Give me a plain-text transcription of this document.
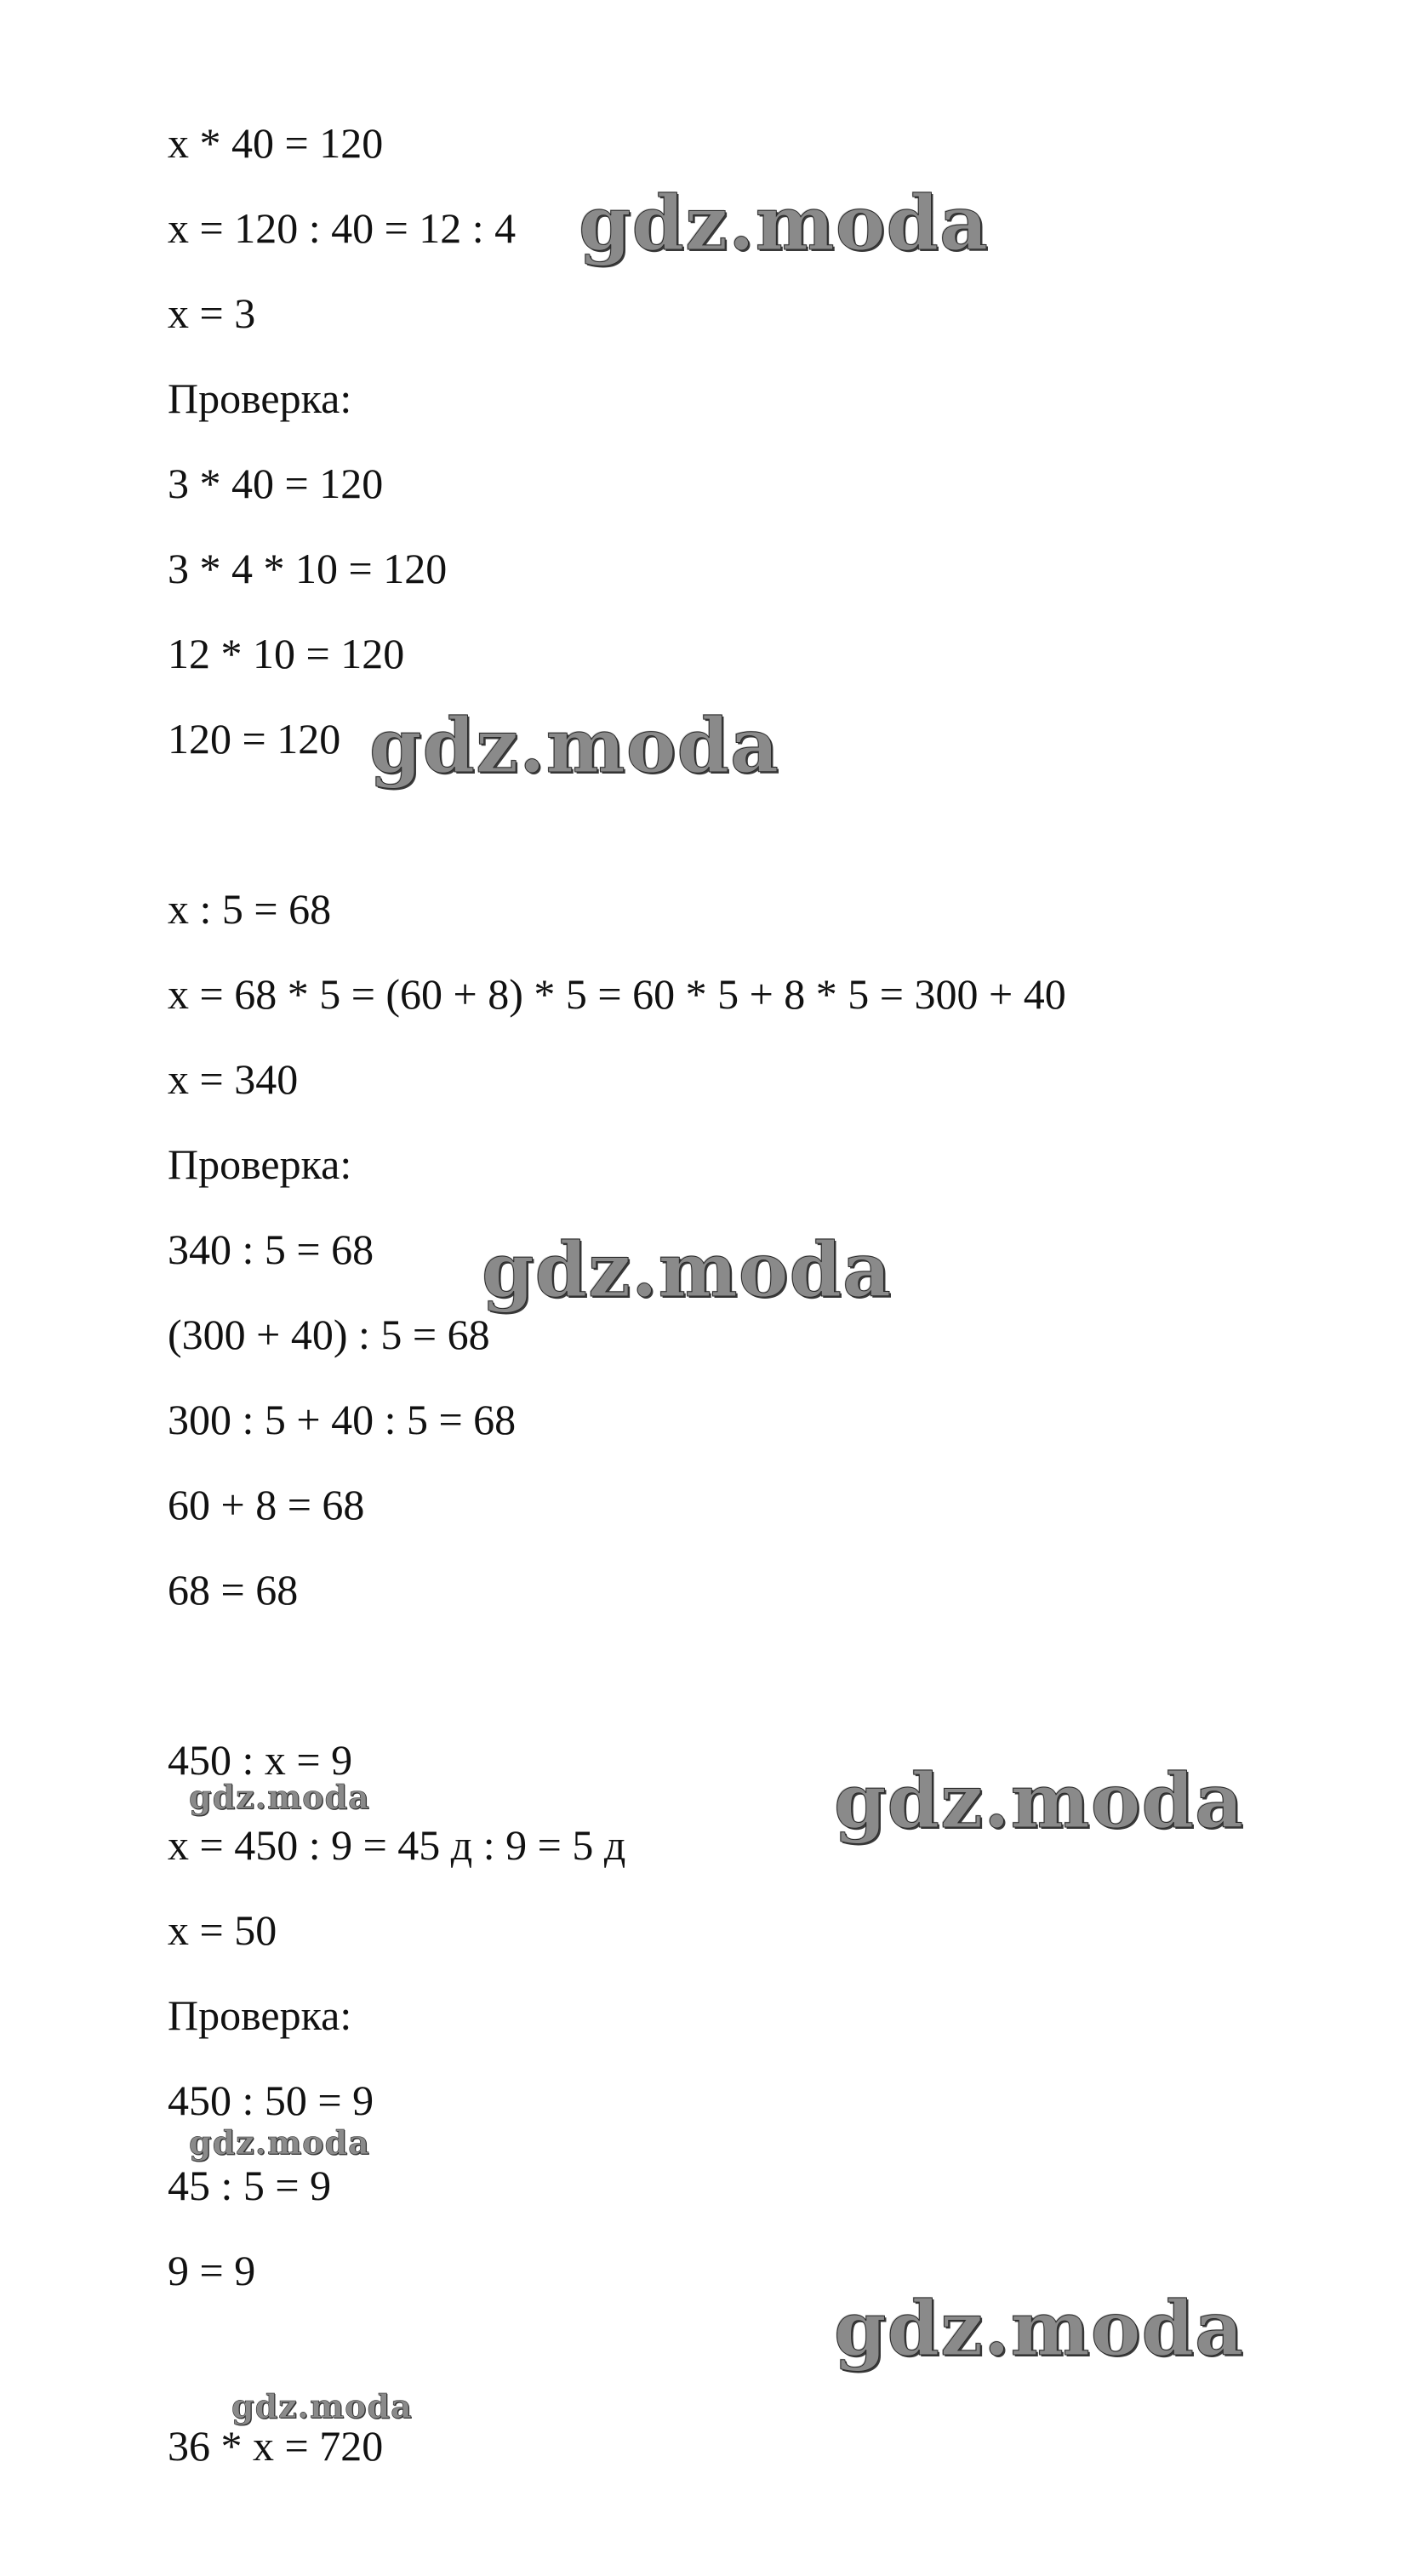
x * 40 = 120
x = 120 : 40 = 12 : 4
x = 3
Проверка:
3 * 40 = 120
3 * 4 * 10 = 120
12 * 10 = 120
120 = 120
x : 5 = 68
x = 68 * 5 = (60 + 8) * 5 = 60 * 5 + 8 * 5 = 300 + 40
x = 340
Проверка:
340 : 5 = 68
(300 + 40) : 5 = 68
300 : 5 + 40 : 5 = 68
60 + 8 = 68
68 = 68
450 : x = 9
x = 450 : 9 = 45 д : 9 = 5 д
x = 50
Проверка:
450 : 50 = 9
45 : 5 = 9
9 = 9
36 * x = 720
gdz.moda
gdz.moda
gdz.moda
gdz.moda
gdz.moda
gdz.moda
gdz.moda
gdz.moda
